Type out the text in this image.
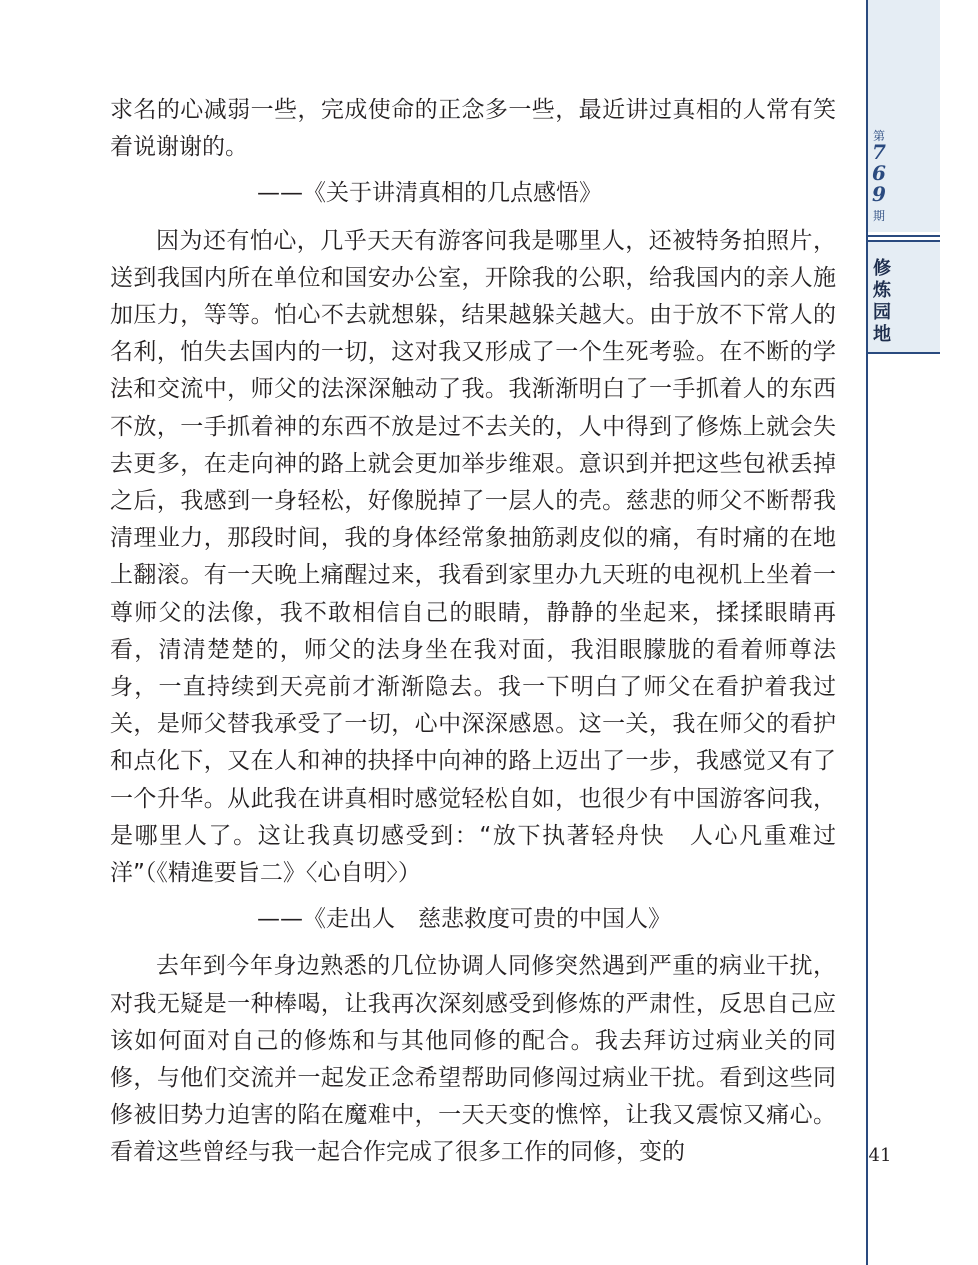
第
769
期
修炼园地

求名的心减弱一些，完成使命的正念多一些，最近讲过真相的人常有笑着说谢谢的。

——《关于讲清真相的几点感悟》

因为还有怕心，几乎天天有游客问我是哪里人，还被特务拍照片，送到我国内所在单位和国安办公室，开除我的公职，给我国内的亲人施加压力，等等。怕心不去就想躲，结果越躲关越大。由于放不下常人的名利，怕失去国内的一切，这对我又形成了一个生死考验。在不断的学法和交流中，师父的法深深触动了我。我渐渐明白了一手抓着人的东西不放，一手抓着神的东西不放是过不去关的，人中得到了修炼上就会失去更多，在走向神的路上就会更加举步维艰。意识到并把这些包袱丢掉之后，我感到一身轻松，好像脱掉了一层人的壳。慈悲的师父不断帮我清理业力，那段时间，我的身体经常象抽筋剥皮似的痛，有时痛的在地上翻滚。有一天晚上痛醒过来，我看到家里办九天班的电视机上坐着一尊师父的法像，我不敢相信自己的眼睛，静静的坐起来，揉揉眼睛再看，清清楚楚的，师父的法身坐在我对面，我泪眼朦胧的看着师尊法身，一直持续到天亮前才渐渐隐去。我一下明白了师父在看护着我过关，是师父替我承受了一切，心中深深感恩。这一关，我在师父的看护和点化下，又在人和神的抉择中向神的路上迈出了一步，我感觉又有了一个升华。从此我在讲真相时感觉轻松自如，也很少有中国游客问我，是哪里人了。这让我真切感受到：“放下执著轻舟快　人心凡重难过洋”（《精進要旨二》〈心自明〉）

——《走出人　慈悲救度可贵的中国人》

去年到今年身边熟悉的几位协调人同修突然遇到严重的病业干扰，对我无疑是一种棒喝，让我再次深刻感受到修炼的严肃性，反思自己应该如何面对自己的修炼和与其他同修的配合。我去拜访过病业关的同修，与他们交流并一起发正念希望帮助同修闯过病业干扰。看到这些同修被旧势力迫害的陷在魔难中，一天天变的憔悴，让我又震惊又痛心。看着这些曾经与我一起合作完成了很多工作的同修，变的	41
